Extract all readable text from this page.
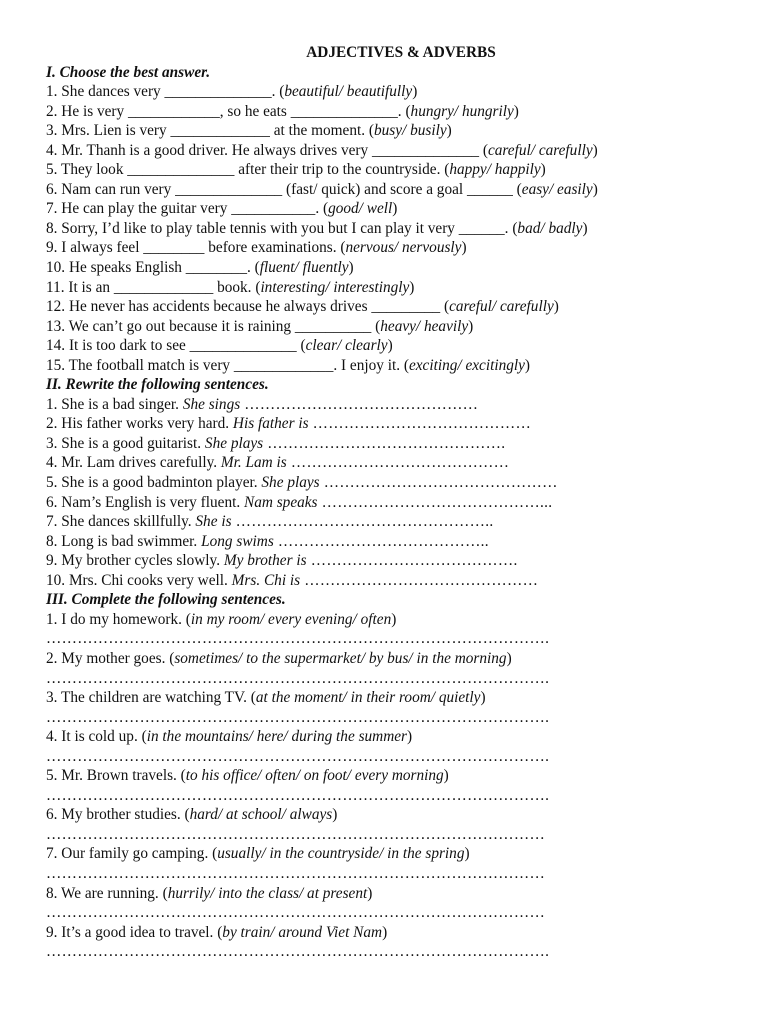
ADJECTIVES & ADVERBS
I. Choose the best answer.
1. She dances very ______________. (beautiful/ beautifully)
2. He is very ____________, so he eats ______________. (hungry/ hungrily)
3. Mrs. Lien is very _____________ at the moment. (busy/ busily)
4. Mr. Thanh is a good driver. He always drives very ______________ (careful/ carefully)
5. They look ______________ after their trip to the countryside. (happy/ happily)
6. Nam can run very ______________ (fast/ quick) and score a goal ______ (easy/ easily)
7. He can play the guitar very ___________. (good/ well)
8. Sorry, I’d like to play table tennis with you but I can play it very ______. (bad/ badly)
9. I always feel ________ before examinations. (nervous/ nervously)
10. He speaks English ________. (fluent/ fluently)
11. It is an _____________ book. (interesting/ interestingly)
12. He never has accidents because he always drives _________ (careful/ carefully)
13. We can’t go out because it is raining __________ (heavy/ heavily)
14. It is too dark to see ______________ (clear/ clearly)
15. The football match is very _____________. I enjoy it. (exciting/ excitingly)
II. Rewrite the following sentences.
1. She is a bad singer. She sings ………………………………………
2. His father works very hard. His father is ……………………………………
3. She is a good guitarist. She plays ……………………………………….
4. Mr. Lam drives carefully. Mr. Lam is ……………………………………
5. She is a good badminton player. She plays ………………………………………
6. Nam’s English is very fluent. Nam speaks ……………………………………...
7. She dances skillfully. She is …………………………………………..
8. Long is bad swimmer. Long swims …………………………………..
9. My brother cycles slowly. My brother is ………………………………….
10. Mrs. Chi cooks very well. Mrs. Chi is ………………………………………
III. Complete the following sentences.
1. I do my homework. (in my room/ every evening/ often)
…………………………………………………………………………………….
2. My mother goes. (sometimes/ to the supermarket/ by bus/ in the morning)
…………………………………………………………………………………….
3. The children are watching TV. (at the moment/ in their room/ quietly)
…………………………………………………………………………………….
4. It is cold up. (in the mountains/ here/ during the summer)
…………………………………………………………………………………….
5. Mr. Brown travels. (to his office/ often/ on foot/ every morning)
…………………………………………………………………………………….
6. My brother studies. (hard/ at school/ always)
……………………………………………………………………………………
7. Our family go camping. (usually/ in the countryside/ in the spring)
……………………………………………………………………………………
8. We are running. (hurrily/ into the class/ at present)
……………………………………………………………………………………
9. It’s a good idea to travel. (by train/ around Viet Nam)
…………………………………………………………………………………….
